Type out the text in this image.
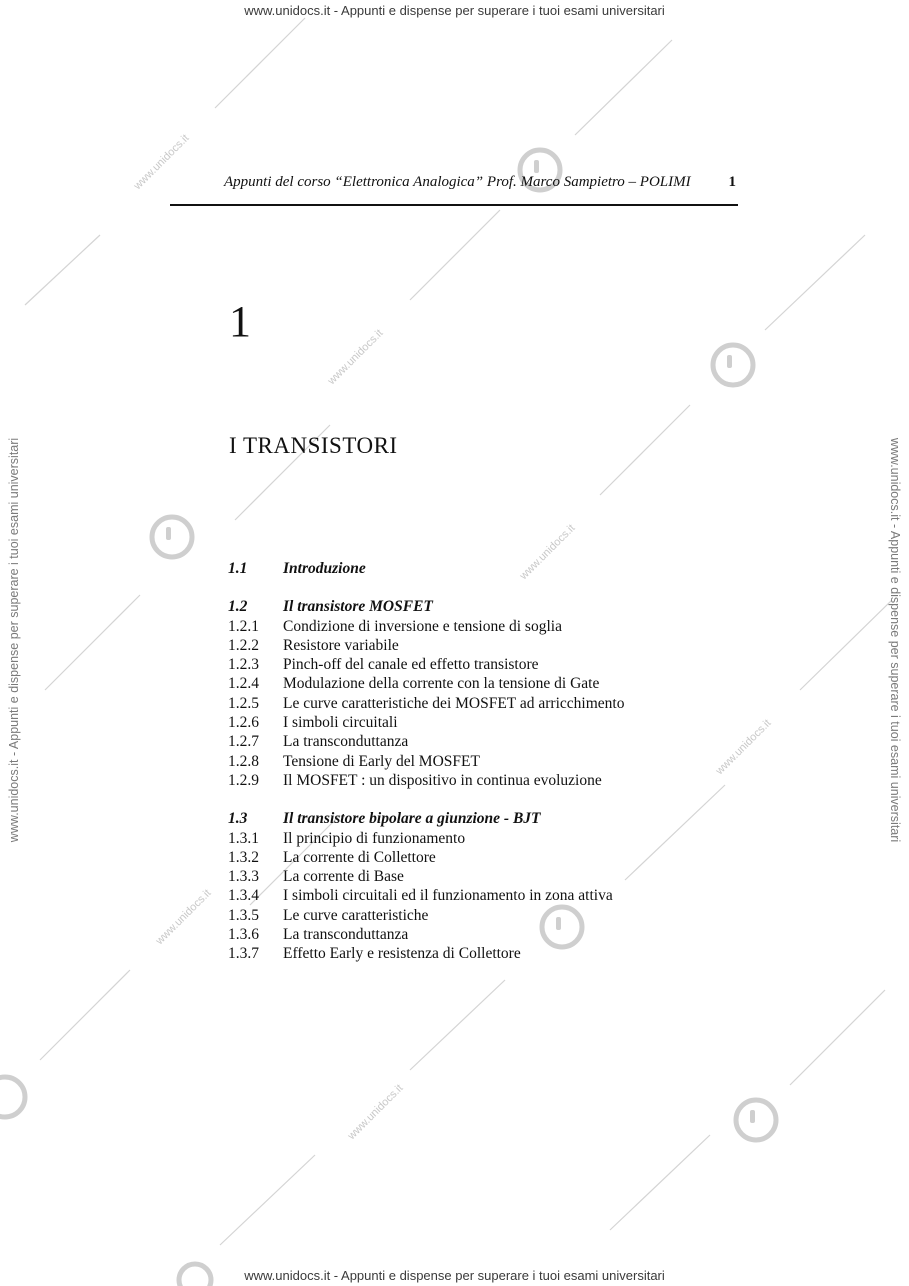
www.unidocs.it
www.unidocs.it
www.unidocs.it
www.unidocs.it
www.unidocs.it
www.unidocs.it
www.unidocs.it - Appunti e dispense per superare i tuoi esami universitari
www.unidocs.it - Appunti e dispense per superare i tuoi esami universitari
www.unidocs.it - Appunti e dispense per superare i tuoi esami universitari	www.unidocs.it - Appunti e dispense per superare i tuoi esami universitari
Appunti del corso “Elettronica Analogica” Prof. Marco Sampietro – POLIMI	1
1
I TRANSISTORI
1.1 Introduzione
1.2 Il transistore MOSFET
1.2.1 Condizione di inversione e tensione di soglia
1.2.2 Resistore variabile
1.2.3 Pinch-off del canale ed effetto transistore
1.2.4 Modulazione della corrente con la tensione di Gate
1.2.5 Le curve caratteristiche dei MOSFET ad arricchimento
1.2.6 I simboli circuitali
1.2.7 La transconduttanza
1.2.8 Tensione di Early del MOSFET
1.2.9 Il MOSFET : un dispositivo in continua evoluzione
1.3 Il transistore bipolare a giunzione - BJT
1.3.1 Il principio di funzionamento
1.3.2 La corrente di Collettore
1.3.3 La corrente di Base
1.3.4 I simboli circuitali ed il funzionamento in zona attiva
1.3.5 Le curve caratteristiche
1.3.6 La transconduttanza
1.3.7 Effetto Early e resistenza di Collettore
